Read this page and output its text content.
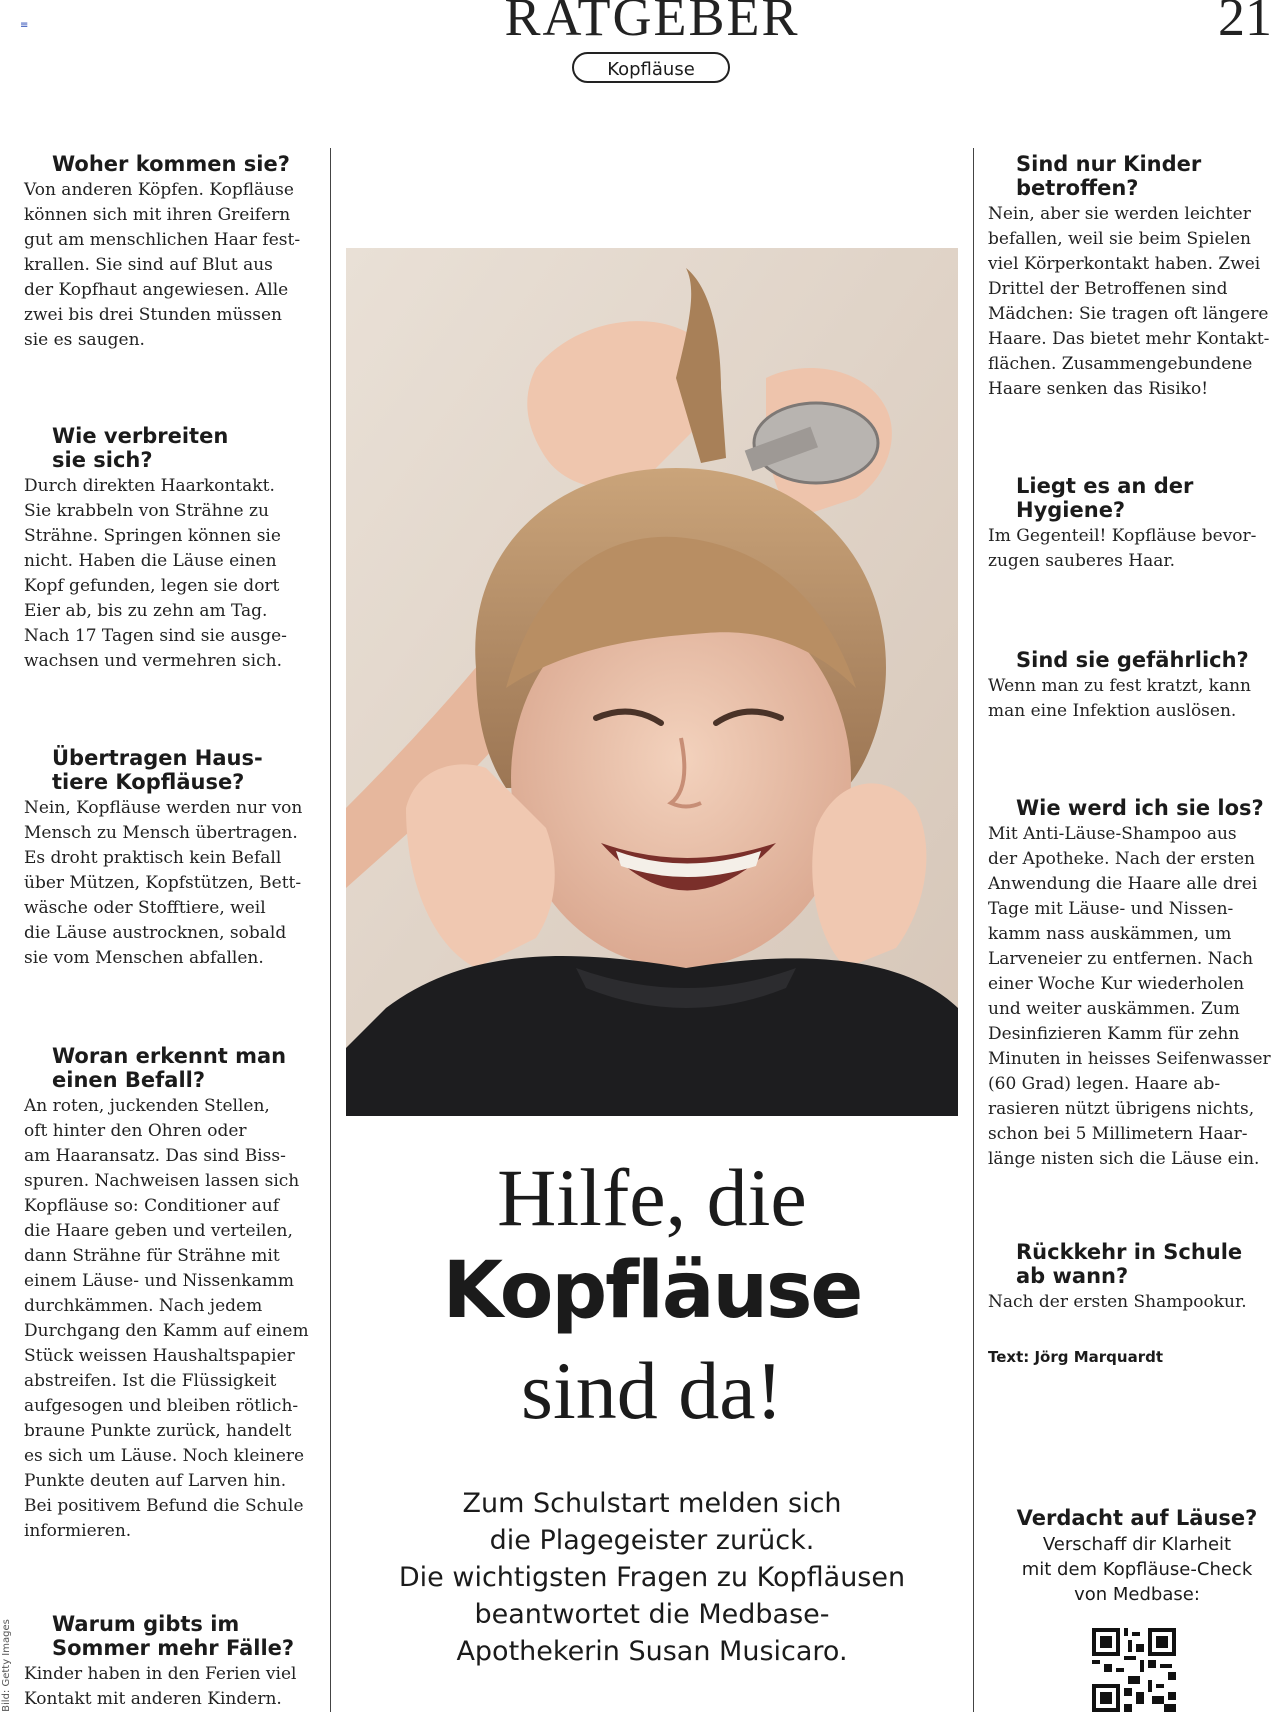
≡	RATGEBER	21
Kopfläuse
Woher kommen sie?

Von anderen Köpfen. Kopfläuse
können sich mit ihren Greifern
gut am menschlichen Haar fest-
krallen. Sie sind auf Blut aus
der Kopfhaut angewiesen. Alle
zwei bis drei Stunden müssen
sie es saugen.

Wie verbreiten
sie sich?

Durch direkten Haarkontakt.
Sie krabbeln von Strähne zu
Strähne. Springen können sie
nicht. Haben die Läuse einen
Kopf gefunden, legen sie dort
Eier ab, bis zu zehn am Tag.
Nach 17 Tagen sind sie ausge-
wachsen und vermehren sich.

Übertragen Haus-
tiere Kopfläuse?

Nein, Kopfläuse werden nur von
Mensch zu Mensch übertragen.
Es droht praktisch kein Befall
über Mützen, Kopfstützen, Bett-
wäsche oder Stofftiere, weil
die Läuse austrocknen, sobald
sie vom Menschen abfallen.

Woran erkennt man
einen Befall?

An roten, juckenden Stellen,
oft hinter den Ohren oder
am Haaransatz. Das sind Biss-
spuren. Nachweisen lassen sich
Kopfläuse so: Conditioner auf
die Haare geben und verteilen,
dann Strähne für Strähne mit
einem Läuse- und Nissenkamm
durchkämmen. Nach jedem
Durchgang den Kamm auf einem
Stück weissen Haushaltspapier
abstreifen. Ist die Flüssigkeit
aufgesogen und bleiben rötlich-
braune Punkte zurück, handelt
es sich um Läuse. Noch kleinere
Punkte deuten auf Larven hin.
Bei positivem Befund die Schule
informieren.

Warum gibts im
Sommer mehr Fälle?

Kinder haben in den Ferien viel
Kontakt mit anderen Kindern.

Bild: Getty Images
Hilfe, die
Kopfläuse
sind da!
Zum Schulstart melden sich
die Plagegeister zurück.
Die wichtigsten Fragen zu Kopfläusen
beantwortet die Medbase-
Apothekerin Susan Musicaro.
Sind nur Kinder
betroffen?

Nein, aber sie werden leichter
befallen, weil sie beim Spielen
viel Körperkontakt haben. Zwei
Drittel der Betroffenen sind
Mädchen: Sie tragen oft längere
Haare. Das bietet mehr Kontakt-
flächen. Zusammengebundene
Haare senken das Risiko!

Liegt es an der
Hygiene?

Im Gegenteil! Kopfläuse bevor-
zugen sauberes Haar.

Sind sie gefährlich?

Wenn man zu fest kratzt, kann
man eine Infektion auslösen.

Wie werd ich sie los?

Mit Anti-Läuse-Shampoo aus
der Apotheke. Nach der ersten
Anwendung die Haare alle drei
Tage mit Läuse- und Nissen-
kamm nass auskämmen, um
Larveneier zu entfernen. Nach
einer Woche Kur wiederholen
und weiter auskämmen. Zum
Desinfizieren Kamm für zehn
Minuten in heisses Seifenwasser
(60 Grad) legen. Haare ab-
rasieren nützt übrigens nichts,
schon bei 5 Millimetern Haar-
länge nisten sich die Läuse ein.

Rückkehr in Schule
ab wann?

Nach der ersten Shampookur.

Text: Jörg Marquardt
Verdacht auf Läuse?

Verschaff dir Klarheit
mit dem Kopfläuse-Check
von Medbase:
